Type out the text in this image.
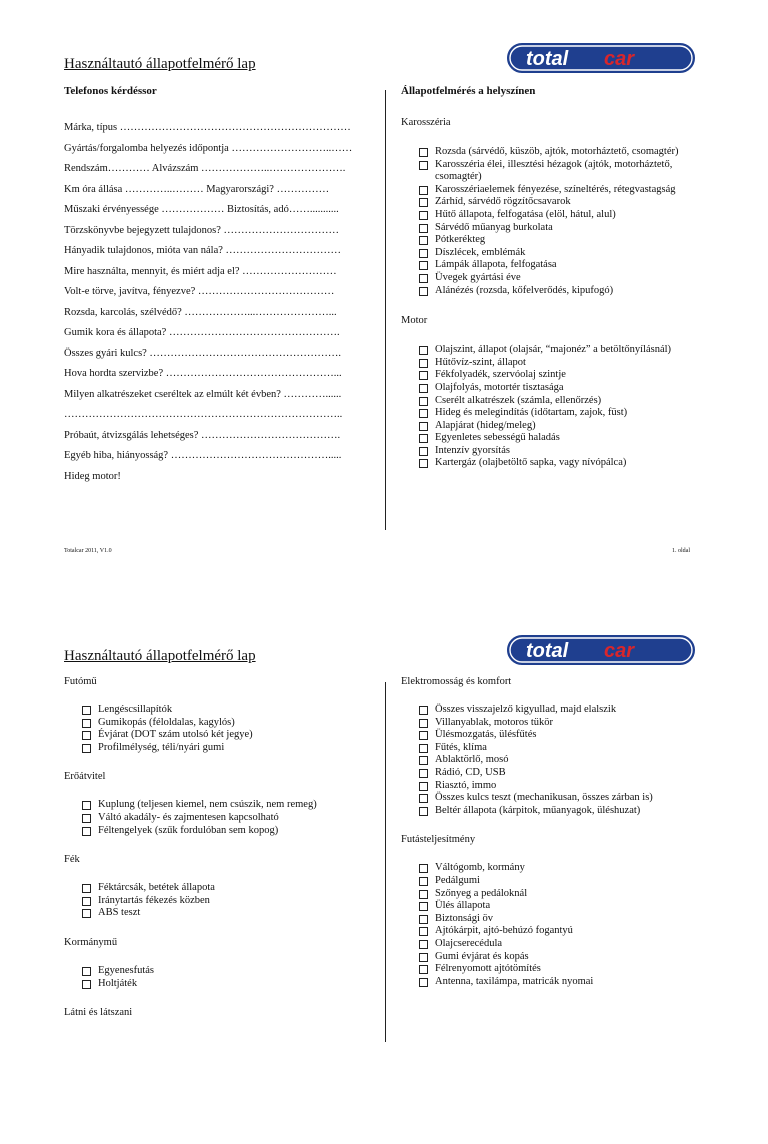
Használtautó állapotfelmérő lap	total car
Telefonos kérdéssor
Márka, típus …………………………………………………………
Gyártás/forgalomba helyezés időpontja ………………………..……
Rendszám………… Alvázszám ………………..………………….
Km óra állása …………..……… Magyarországi? ……………
Műszaki érvényessége ……………… Biztosítás, adó……...........
Törzskönyvbe bejegyzett tulajdonos? ……………………………
Hányadik tulajdonos, mióta van nála? ……………………………
Mire használta, mennyit, és miért adja el? ………………………
Volt-e törve, javítva, fényezve? …………………………………
Rozsda, karcolás, szélvédő? ………………...…………………...
Gumik kora és állapota? ………………………………………….
Összes gyári kulcs? ……………………………………………….
Hova hordta szervizbe? …………………………………………...
Milyen alkatrészeket cseréltek az elmúlt két évben? …………......
……………………………………………………………………..
Próbaút, átvizsgálás lehetséges? ………………………………….
Egyéb hiba, hiányosság? ……………………………………….....
Hideg motor!
Állapotfelmérés a helyszínen
Karosszéria
Rozsda (sárvédő, küszöb, ajtók, motorháztető, csomagtér)
Karosszéria élei, illesztési hézagok (ajtók, motorháztető, csomagtér)
Karosszériaelemek fényezése, színeltérés, rétegvastagság
Zárhíd, sárvédő rögzítőcsavarok
Hűtő állapota, felfogatása (elöl, hátul, alul)
Sárvédő műanyag burkolata
Pótkerékteg
Díszlécek, emblémák
Lámpák állapota, felfogatása
Üvegek gyártási éve
Alánézés (rozsda, kőfelverődés, kipufogó)
Motor
Olajszint, állapot (olajsár, “majonéz” a betöltőnyílásnál)
Hűtővíz-szint, állapot
Fékfolyadék, szervóolaj szintje
Olajfolyás, motortér tisztasága
Cserélt alkatrészek (számla, ellenőrzés)
Hideg és melegindítás (időtartam, zajok, füst)
Alapjárat (hideg/meleg)
Egyenletes sebességű haladás
Intenzív gyorsítás
Kartergáz (olajbetöltő sapka, vagy nívópálca)
Totalcar 2011, V1.0	1. oldal
Használtautó állapotfelmérő lap	total car
Futómű
Lengéscsillapítók
Gumikopás (féloldalas, kagylós)
Évjárat (DOT szám utolsó két jegye)
Profilmélység, téli/nyári gumi
Erőátvitel
Kuplung (teljesen kiemel, nem csúszik, nem remeg)
Váltó akadály- és zajmentesen kapcsolható
Féltengelyek (szűk fordulóban sem kopog)
Fék
Féktárcsák, betétek állapota
Iránytartás fékezés közben
ABS teszt
Kormánymű
Egyenesfutás
Holtjáték
Látni és látszani
Elektromosság és komfort
Összes visszajelző kigyullad, majd elalszik
Villanyablak, motoros tükör
Ülésmozgatás, ülésfűtés
Fűtés, klíma
Ablaktörlő, mosó
Rádió, CD, USB
Riasztó, immo
Összes kulcs teszt (mechanikusan, összes zárban is)
Beltér állapota (kárpitok, műanyagok, üléshuzat)
Futásteljesítmény
Váltógomb, kormány
Pedálgumi
Szőnyeg a pedáloknál
Ülés állapota
Biztonsági öv
Ajtókárpit, ajtó-behúzó fogantyú
Olajcserecédula
Gumi évjárat és kopás
Félrenyomott ajtótömítés
Antenna, taxilámpa, matricák nyomai
